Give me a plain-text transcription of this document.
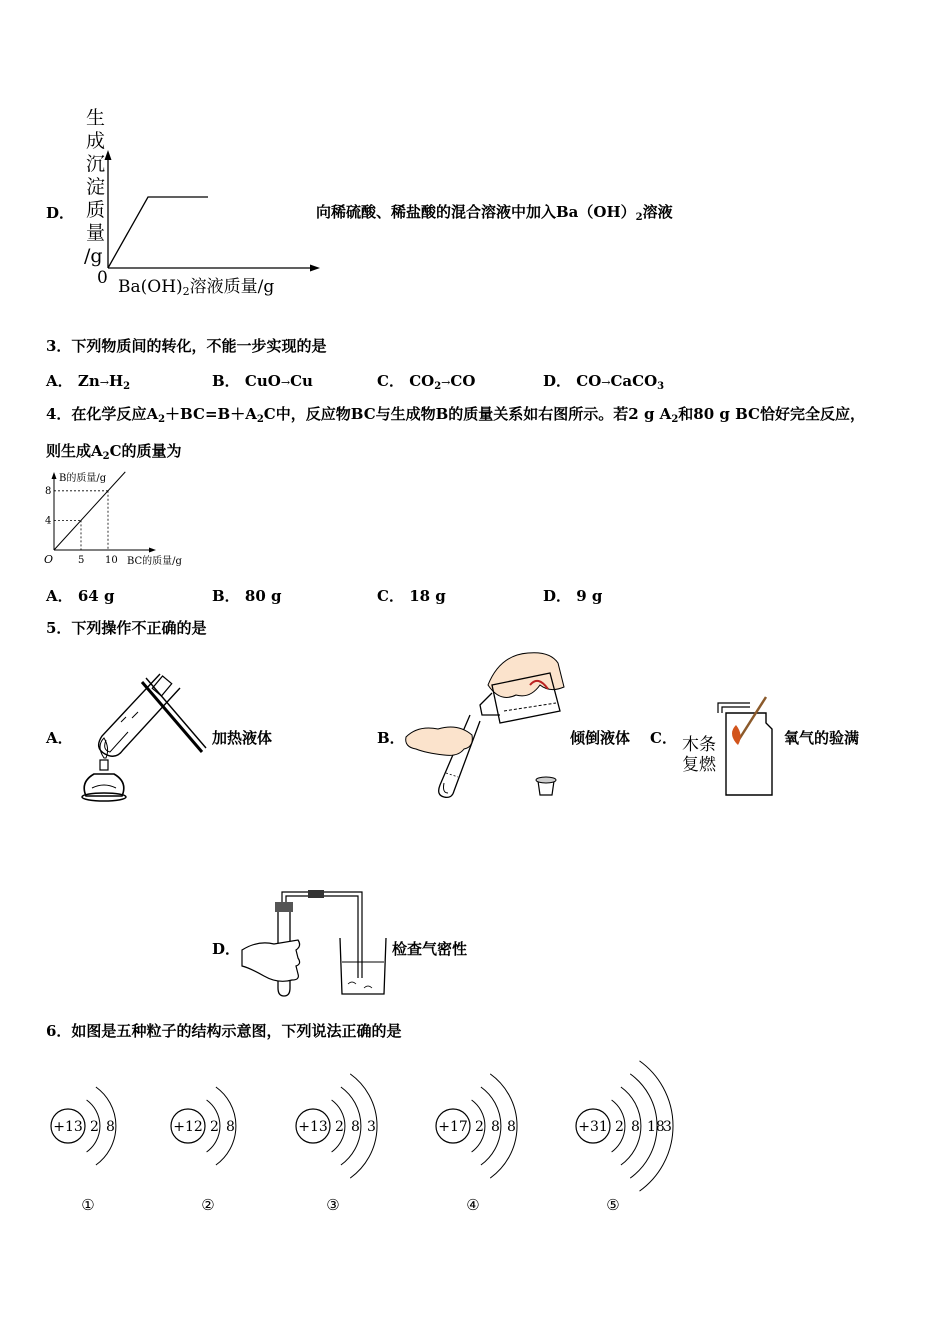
D．
生
成
沉
淀
质
量
/g
0 Ba(OH)2溶液质量/g
向稀硫酸、稀盐酸的混合溶液中加入$Ba(OH)_2$溶液
3．下列物质间的转化，不能一步实现的是
A． $Zn\to H_2$	B． CuO→Cu	C． $CO_2\to CO$	D． CO→CaCO$_3$
4．在化学反应$A_2+BC=B+A_2C$中，反应物BC与生成物B的质量关系如右图所示。若2 g $A_2$和80 g BC恰好完全反应，
则生成$A_2C$的质量为
B的质量/g
BC的质量/g
O
4
5
8
10
A． 64 g	B． 80 g	C． 18 g	D． 9 g
5．下列操作不正确的是
A．	加热液体	B．	倾倒液体 C． 木条
复燃
氧气的验满
D．	检查气密性
6．如图是五种粒子的结构示意图，下列说法正确的是
+13 2 8
①
+12 2 8
②
+13 2 8 3
③
+17 2 8 8
④
+31 2 8 18
3
⑤
